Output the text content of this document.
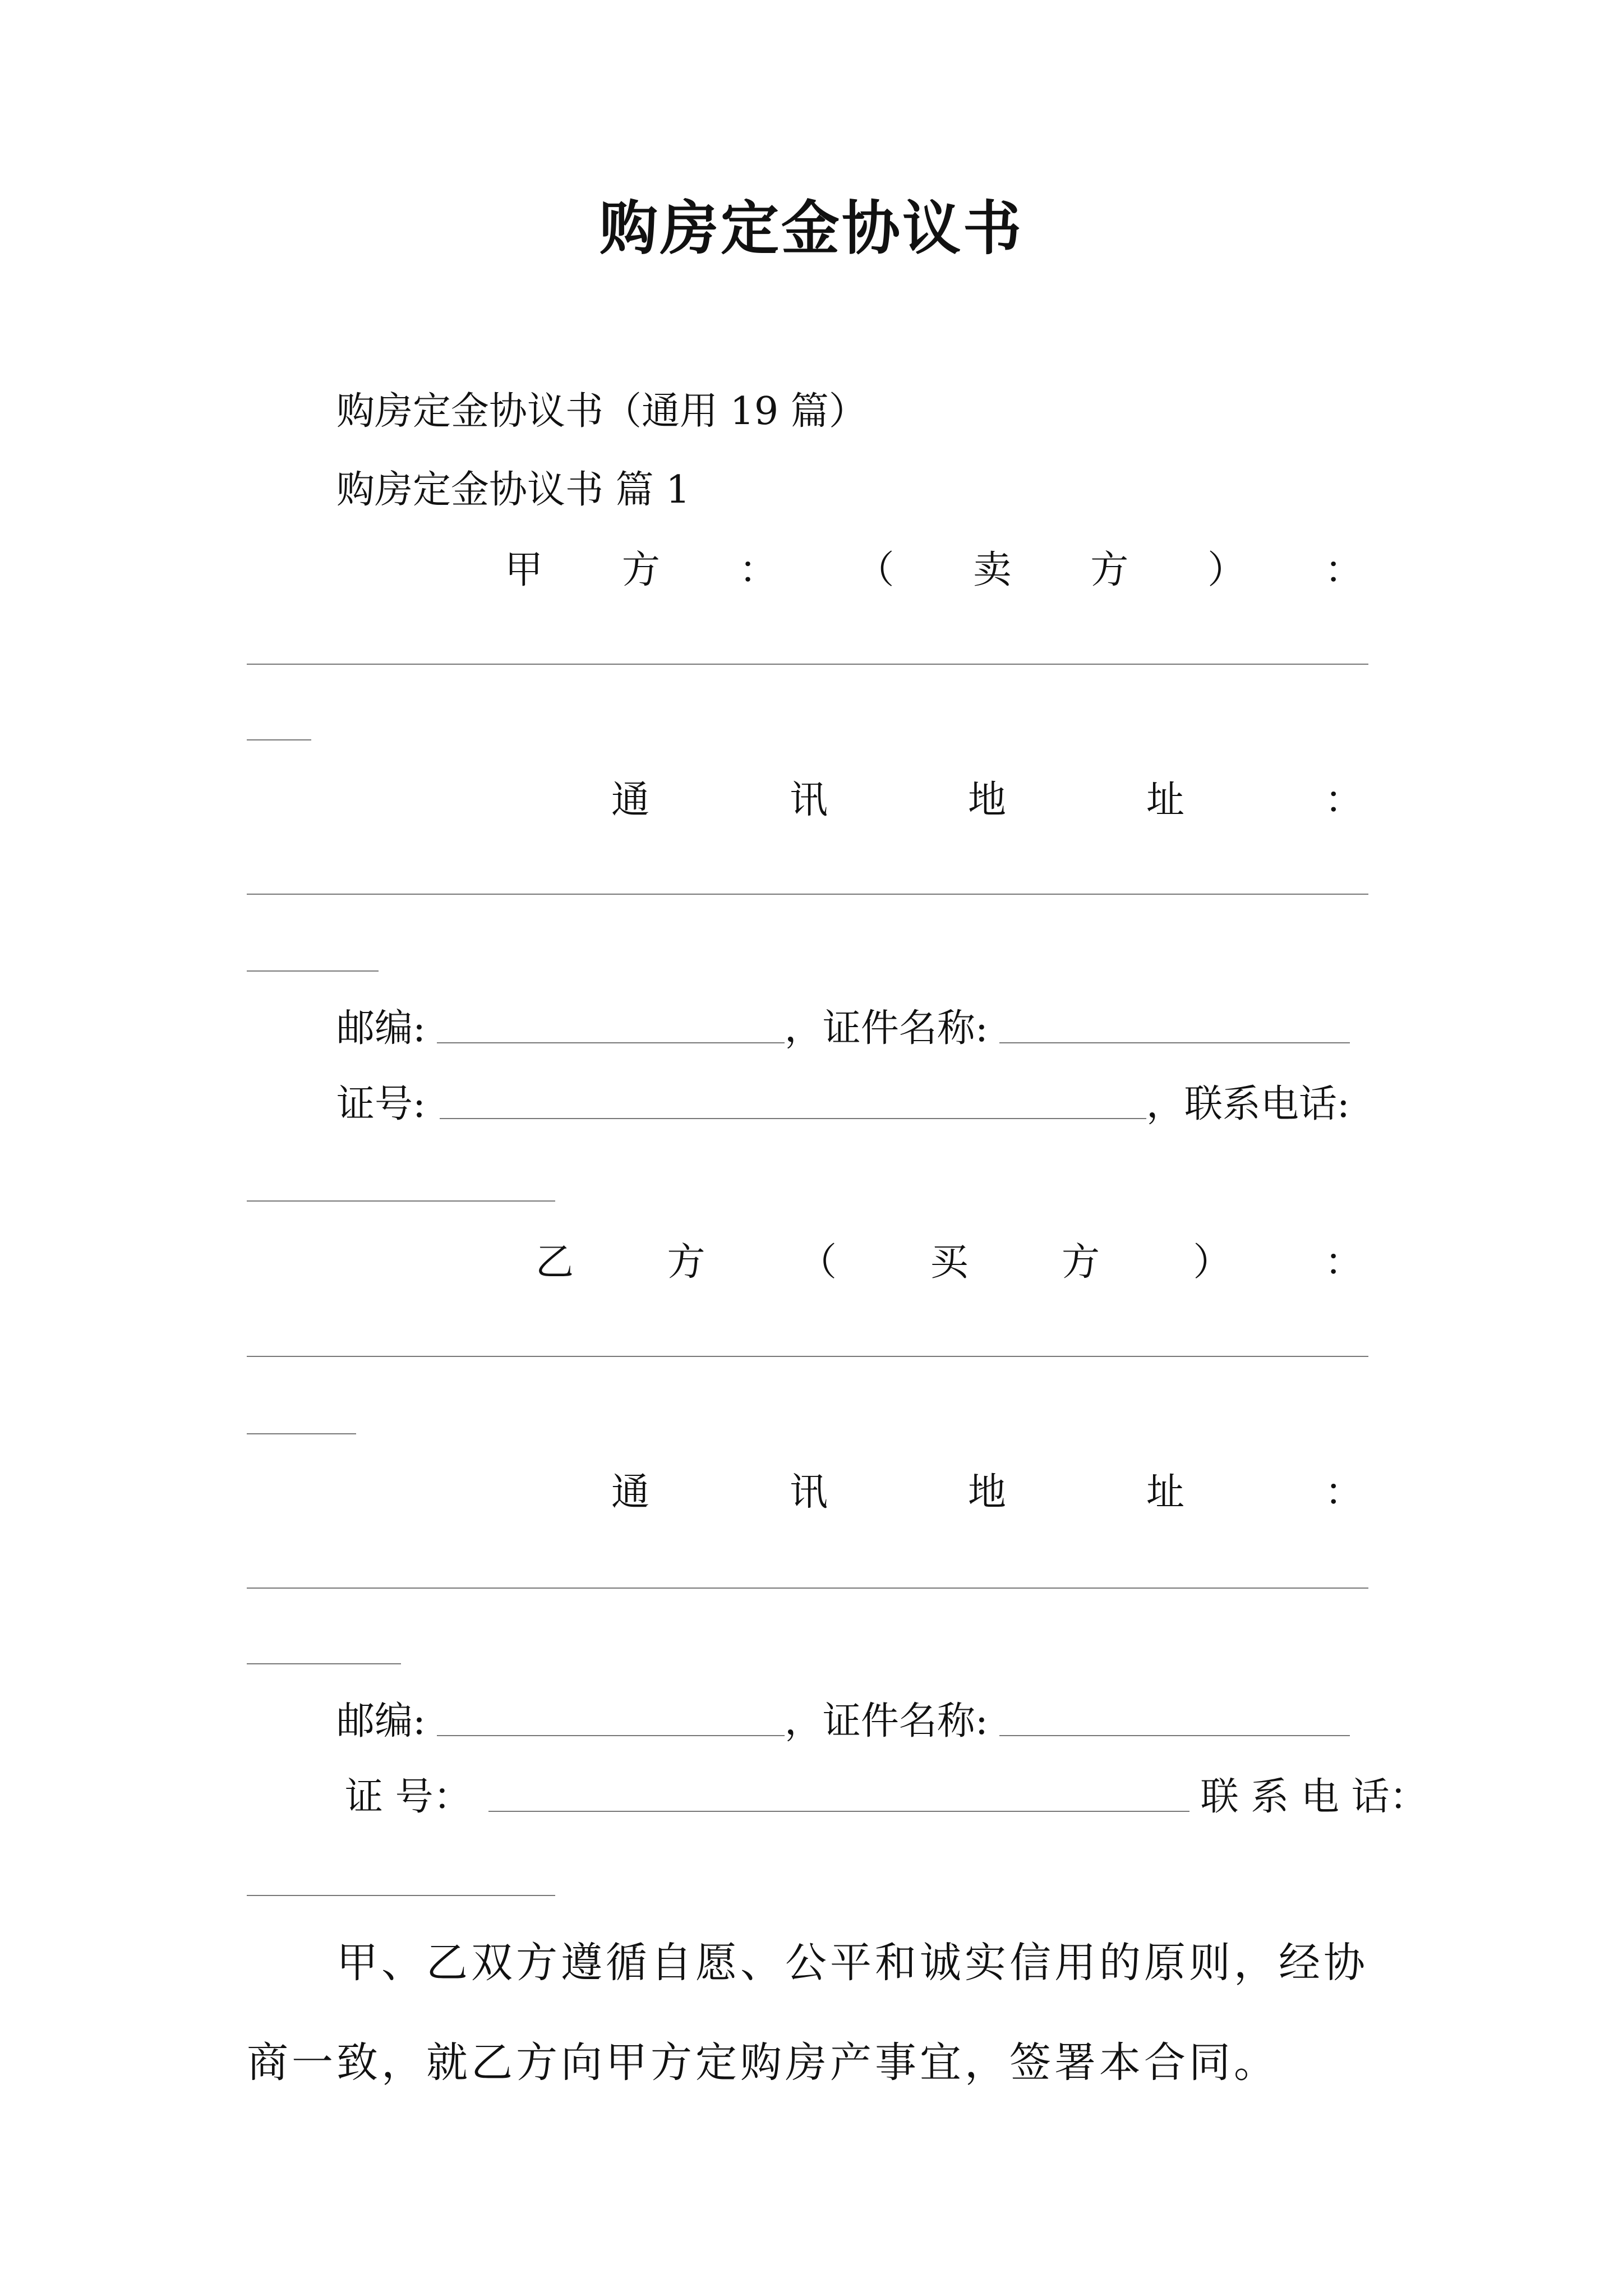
购房定金协议书
购房定金协议书（通用 19 篇）
购房定金协议书 篇 1
甲 方 ： （ 卖 方 ） ：
通	讯	地	址	：
邮编:	，证件名称:
证号:	，联系电话:
乙 方 （ 买 方 ） ：
通	讯	地	址	：
邮编:	，证件名称:
证 号：	联 系 电 话：
甲、乙双方遵循自愿、公平和诚实信用的原则，经协商一致，就乙方向甲方定购房产事宜，签署本合同。
